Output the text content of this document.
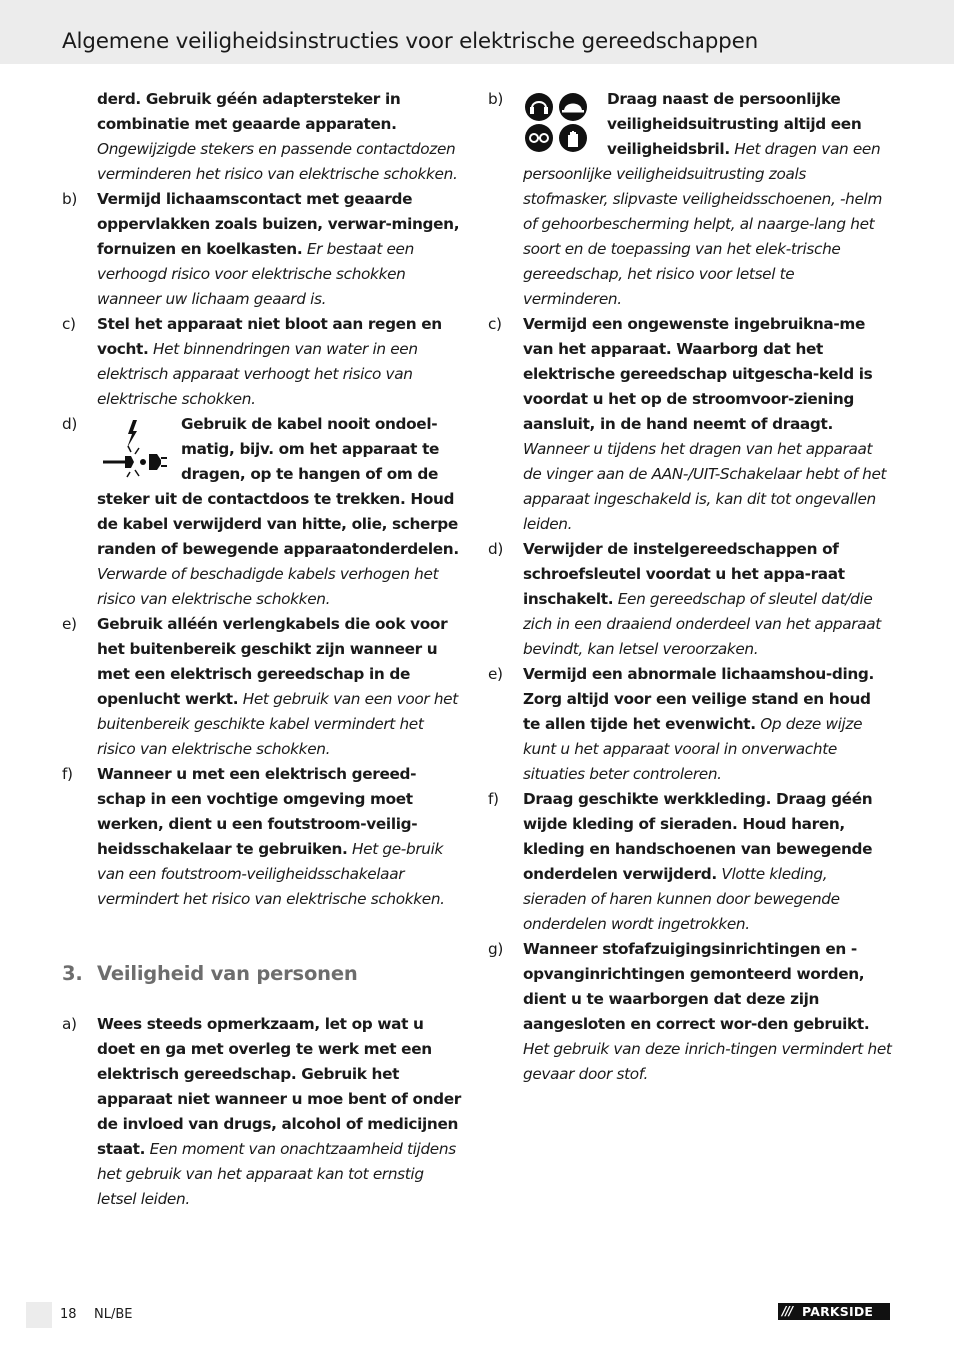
Algemene veiligheidsinstructies voor elektrische gereedschappen
derd. Gebruik géén adaptersteker in combinatie met geaarde apparaten. Ongewijzigde stekers en passende contactdozen verminderen het risico van elektrische schokken.
b)	Vermijd lichaamscontact met geaarde oppervlakken zoals buizen, verwar-mingen, fornuizen en koelkasten. Er bestaat een verhoogd risico voor elektrische schokken wanneer uw lichaam geaard is.
c)	Stel het apparaat niet bloot aan regen en vocht. Het binnendringen van water in een elektrisch apparaat verhoogt het risico van elektrische schokken.
d)	Gebruik de kabel nooit ondoel-matig, bijv. om het apparaat te dragen, op te hangen of om de steker uit de contactdoos te trekken. Houd de kabel verwijderd van hitte, olie, scherpe randen of bewegende apparaatonderdelen. Verwarde of beschadigde kabels verhogen het risico van elektrische schokken.
e)	Gebruik alléén verlengkabels die ook voor het buitenbereik geschikt zijn wanneer u met een elektrisch gereedschap in de openlucht werkt. Het gebruik van een voor het buitenbereik geschikte kabel vermindert het risico van elektrische schokken.
f)	Wanneer u met een elektrisch gereed-schap in een vochtige omgeving moet werken, dient u een foutstroom-veilig-heidsschakelaar te gebruiken. Het ge-bruik van een foutstroom-veiligheidsschakelaar vermindert het risico van elektrische schokken.
3. Veiligheid van personen
a)	Wees steeds opmerkzaam, let op wat u doet en ga met overleg te werk met een elektrisch gereedschap. Gebruik het apparaat niet wanneer u moe bent of onder de invloed van drugs, alcohol of medicijnen staat. Een moment van onachtzaamheid tijdens het gebruik van het apparaat kan tot ernstig letsel leiden.
b)	Draag naast de persoonlijke veiligheidsuitrusting altijd een veiligheidsbril. Het dragen van een persoonlijke veiligheidsuitrusting zoals stofmasker, slipvaste veiligheidsschoenen, -helm of gehoorbescherming helpt, al naarge-lang het soort en de toepassing van het elek-trische gereedschap, het risico voor letsel te verminderen.
c)	Vermijd een ongewenste ingebruikna-me van het apparaat. Waarborg dat het elektrische gereedschap uitgescha-keld is voordat u het op de stroomvoor-ziening aansluit, in de hand neemt of draagt. Wanneer u tijdens het dragen van het apparaat de vinger aan de AAN-/UIT-Schakelaar hebt of het apparaat ingeschakeld is, kan dit tot ongevallen leiden.
d)	Verwijder de instelgereedschappen of schroefsleutel voordat u het appa-raat inschakelt. Een gereedschap of sleutel dat/die zich in een draaiend onderdeel van het apparaat bevindt, kan letsel veroorzaken.
e)	Vermijd een abnormale lichaamshou-ding. Zorg altijd voor een veilige stand en houd te allen tijde het evenwicht. Op deze wijze kunt u het apparaat vooral in onverwachte situaties beter controleren.
f)	Draag geschikte werkkleding. Draag géén wijde kleding of sieraden. Houd haren, kleding en handschoenen van bewegende onderdelen verwijderd. Vlotte kleding, sieraden of haren kunnen door bewegende onderdelen wordt ingetrokken.
g)	Wanneer stofafzuigingsinrichtingen en -opvanginrichtingen gemonteerd worden, dient u te waarborgen dat deze zijn aangesloten en correct wor-den gebruikt. Het gebruik van deze inrich-tingen vermindert het gevaar door stof.
18 NL/BE	/// PARKSIDE
